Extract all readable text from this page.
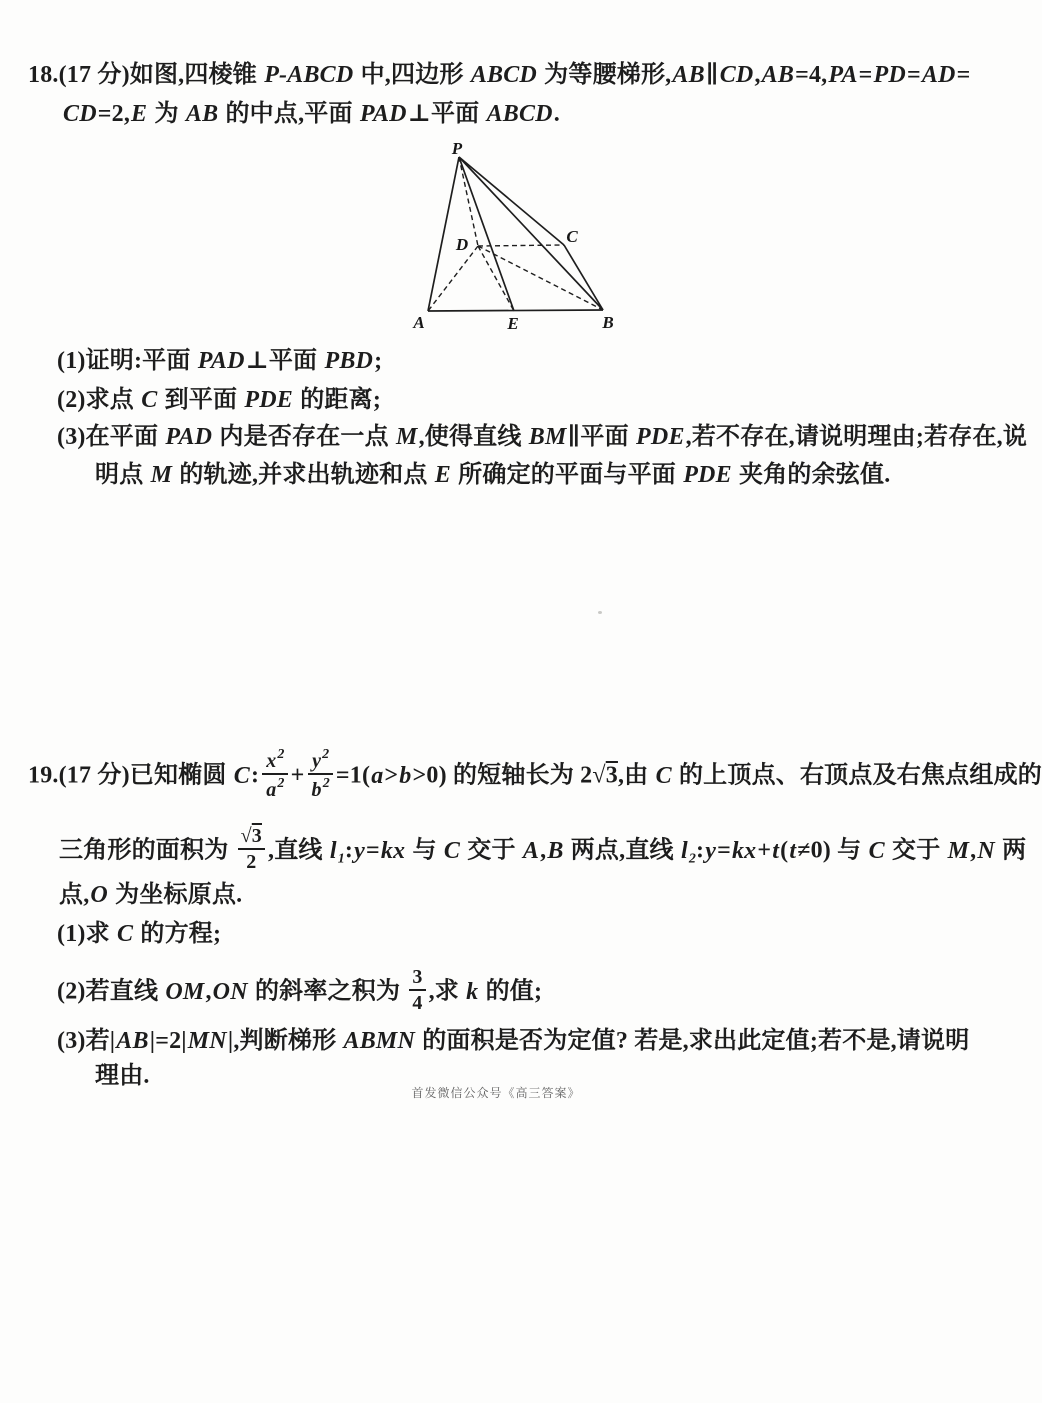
18.(17 分)如图,四棱锥 P-ABCD 中,四边形 ABCD 为等腰梯形,AB∥CD,AB=4,PA=PD=AD=
CD=2,E 为 AB 的中点,平面 PAD⊥平面 ABCD.
P
A	E	B
C
D
(1)证明:平面 PAD⊥平面 PBD;
(2)求点 C 到平面 PDE 的距离;
(3)在平面 PAD 内是否存在一点 M,使得直线 BM∥平面 PDE,若不存在,请说明理由;若存在,说
明点 M 的轨迹,并求出轨迹和点 E 所确定的平面与平面 PDE 夹角的余弦值.
19.(17 分)已知椭圆 C: $\frac{x^2}{a^2} + \frac{y^2}{b^2} =1(a>b>0)$ 的短轴长为 2√3,由 C 的上顶点、右顶点及右焦点组成的
三角形的面积为 $\frac{√3}{2}$ ,直线 $l_1:y=kx$ 与 C 交于 A,B 两点,直线 $l_2:y=kx+t(t\ne 0)$ 与 C 交于 M,N 两
点,O 为坐标原点.
(1)求 C 的方程;
(2)若直线 OM,ON 的斜率之积为 $\frac{3}{4}$ ,求 k 的值;
(3)若|AB|=2|MN|,判断梯形 ABMN 的面积是否为定值? 若是,求出此定值;若不是,请说明
理由.
首发微信公众号《高三答案》
